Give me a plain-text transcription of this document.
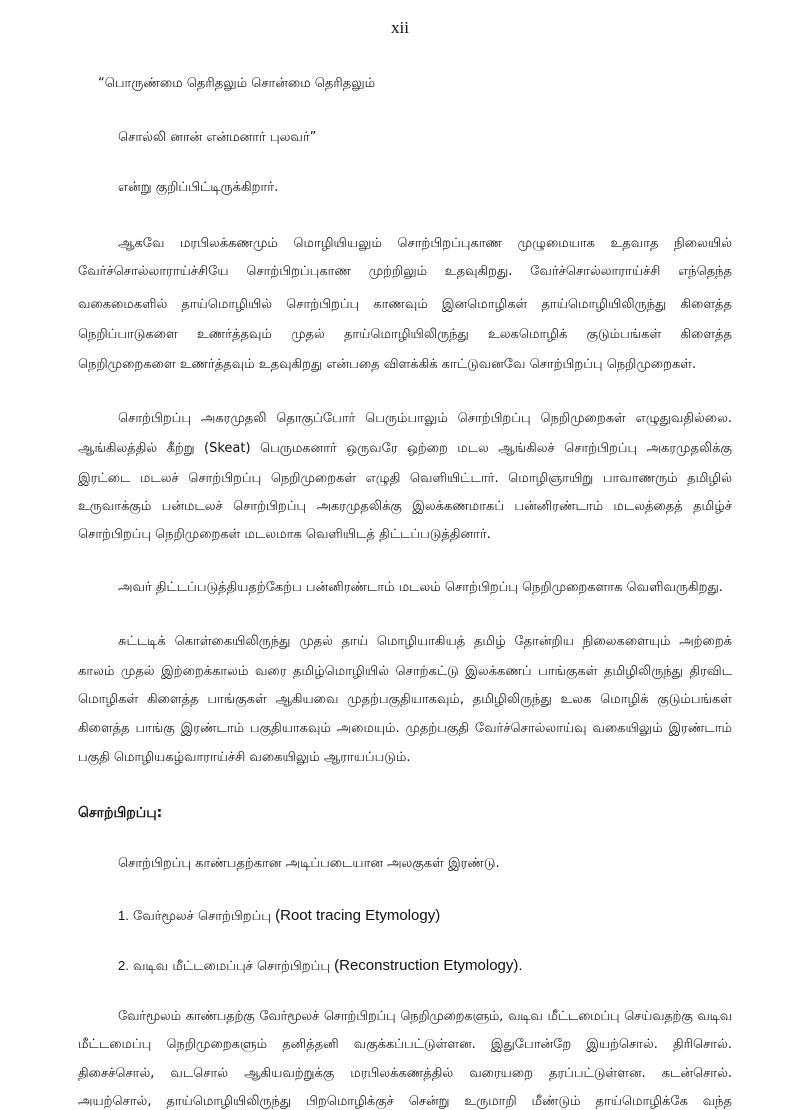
xii
“பொருண்மை தெரிதலும் சொன்மை தெரிதலும்
சொல்லி னான் என்மனார் புலவர்”
என்று குறிப்பிட்டிருக்கிறார்.
ஆகவே மரபிலக்கணமும் மொழியியலும் சொற்பிறப்புகாண முழுமையாக உதவாத நிலையில்
வேர்ச்சொல்லாராய்ச்சியே சொற்பிறப்புகாண முற்றிலும் உதவுகிறது. வேர்ச்சொல்லாராய்ச்சி எந்தெந்த
வகைமைகளில் தாய்மொழியில் சொற்பிறப்பு காணவும் இனமொழிகள் தாய்மொழியிலிருந்து கிளைத்த
நெறிப்பாடுகளை உணர்த்தவும் முதல் தாய்மொழியிலிருந்து உலகமொழிக் குடும்பங்கள் கிளைத்த
நெறிமுறைகளை உணர்த்தவும் உதவுகிறது என்பதை விளக்கிக் காட்டுவனவே சொற்பிறப்பு நெறிமுறைகள்.
சொற்பிறப்பு அகரமுதலி தொகுப்போர் பெரும்பாலும் சொற்பிறப்பு நெறிமுறைகள் எழுதுவதில்லை.
ஆங்கிலத்தில் கீற்று (Skeat) பெருமகனார் ஒருவரே ஒற்றை மடல ஆங்கிலச் சொற்பிறப்பு அகரமுதலிக்கு
இரட்டை மடலச் சொற்பிறப்பு நெறிமுறைகள் எழுதி வெளியிட்டார். மொழிஞாயிறு பாவாணரும் தமிழில்
உருவாக்கும் பன்மடலச் சொற்பிறப்பு அகரமுதலிக்கு இலக்கணமாகப் பன்னிரண்டாம் மடலத்தைத் தமிழ்ச்
சொற்பிறப்பு நெறிமுறைகள் மடலமாக வெளியிடத் திட்டப்படுத்தினார்.
அவர் திட்டப்படுத்தியதற்கேற்ப பன்னிரண்டாம் மடலம் சொற்பிறப்பு நெறிமுறைகளாக வெளிவருகிறது.
சுட்டடிக் கொள்கையிலிருந்து முதல் தாய் மொழியாகியத் தமிழ் தோன்றிய நிலைகளையும் அற்றைக்
காலம் முதல் இற்றைக்காலம் வரை தமிழ்மொழியில் சொற்கட்டு இலக்கணப் பாங்குகள் தமிழிலிருந்து திரவிட
மொழிகள் கிளைத்த பாங்குகள் ஆகியவை முதற்பகுதியாகவும், தமிழிலிருந்து உலக மொழிக் குடும்பங்கள்
கிளைத்த பாங்கு இரண்டாம் பகுதியாகவும் அமையும். முதற்பகுதி வேர்ச்சொல்லாய்வு வகையிலும் இரண்டாம்
பகுதி மொழியகழ்வாராய்ச்சி வகையிலும் ஆராயப்படும்.
சொற்பிறப்பு:
சொற்பிறப்பு காண்பதற்கான அடிப்படையான அலகுகள் இரண்டு.
1. வேர்மூலச் சொற்பிறப்பு (Root tracing Etymology)
2. வடிவ மீட்டமைப்புச் சொற்பிறப்பு (Reconstruction Etymology).
வேர்மூலம் காண்பதற்கு வேர்மூலச் சொற்பிறப்பு நெறிமுறைகளும், வடிவ மீட்டமைப்பு செய்வதற்கு வடிவ
மீட்டமைப்பு நெறிமுறைகளும் தனித்தனி வகுக்கப்பட்டுள்ளன. இதுபோன்றே இயற்சொல். திரிசொல்.
திசைச்சொல், வடசொல் ஆகியவற்றுக்கு மரபிலக்கணத்தில் வரையறை தரப்பட்டுள்ளன. கடன்சொல்.
அயற்சொல், தாய்மொழியிலிருந்து பிறமொழிக்குச் சென்று உருமாறி மீண்டும் தாய்மொழிக்கே வந்த
